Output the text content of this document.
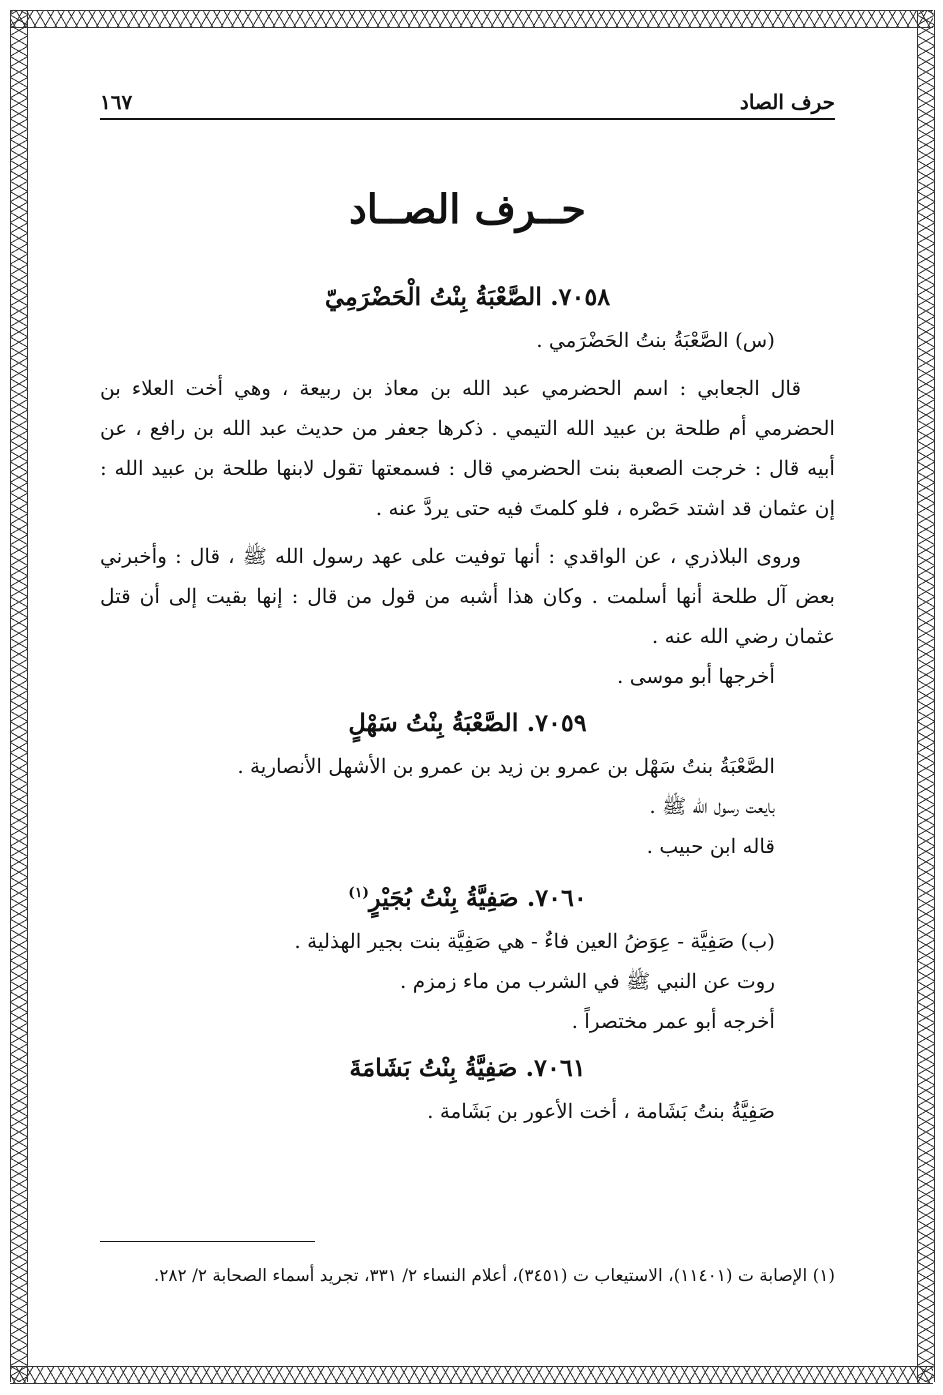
حرف الصاد
١٦٧
حــرف الصــاد
٧٠٥٨. الصَّعْبَةُ بِنْتُ الْحَضْرَمِيّ

(س) الصَّعْبَةُ بنتُ الحَضْرَمي .

قال الجعابي : اسم الحضرمي عبد الله بن معاذ بن ربيعة ، وهي أخت العلاء بن الحضرمي أم طلحة بن عبيد الله التيمي . ذكرها جعفر من حديث عبد الله بن رافع ، عن أبيه قال : خرجت الصعبة بنت الحضرمي قال : فسمعتها تقول لابنها طلحة بن عبيد الله : إن عثمان قد اشتد حَصْره ، فلو كلمتَ فيه حتى يردَّ عنه .

وروى البلاذري ، عن الواقدي : أنها توفيت على عهد رسول الله ﷺ ، قال : وأخبرني بعض آل طلحة أنها أسلمت . وكان هذا أشبه من قول من قال : إنها بقيت إلى أن قتل عثمان رضي الله عنه .

أخرجها أبو موسى .

٧٠٥٩. الصَّعْبَةُ بِنْتُ سَهْلٍ

الصَّعْبَةُ بنتُ سَهْل بن عمرو بن زيد بن عمرو بن الأشهل الأنصارية .

بايعت رسول الله ﷺ .

قاله ابن حبيب .

٧٠٦٠. صَفِيَّةُ بِنْتُ بُجَيْرٍ$^{(١)}$

(ب) صَفِيَّة - عِوَضُ العين فاءٌ - هي صَفِيَّة بنت بجير الهذلية .

روت عن النبي ﷺ في الشرب من ماء زمزم .

أخرجه أبو عمر مختصراً .

٧٠٦١. صَفِيَّةُ بِنْتُ بَشَامَةَ

صَفِيَّةُ بنتُ بَشَامة ، أخت الأعور بن بَشَامة .

(١) الإصابة ت (١١٤٠١)، الاستيعاب ت (٣٤٥١)، أعلام النساء ٢/ ٣٣١، تجريد أسماء الصحابة ٢/ ٢٨٢.
